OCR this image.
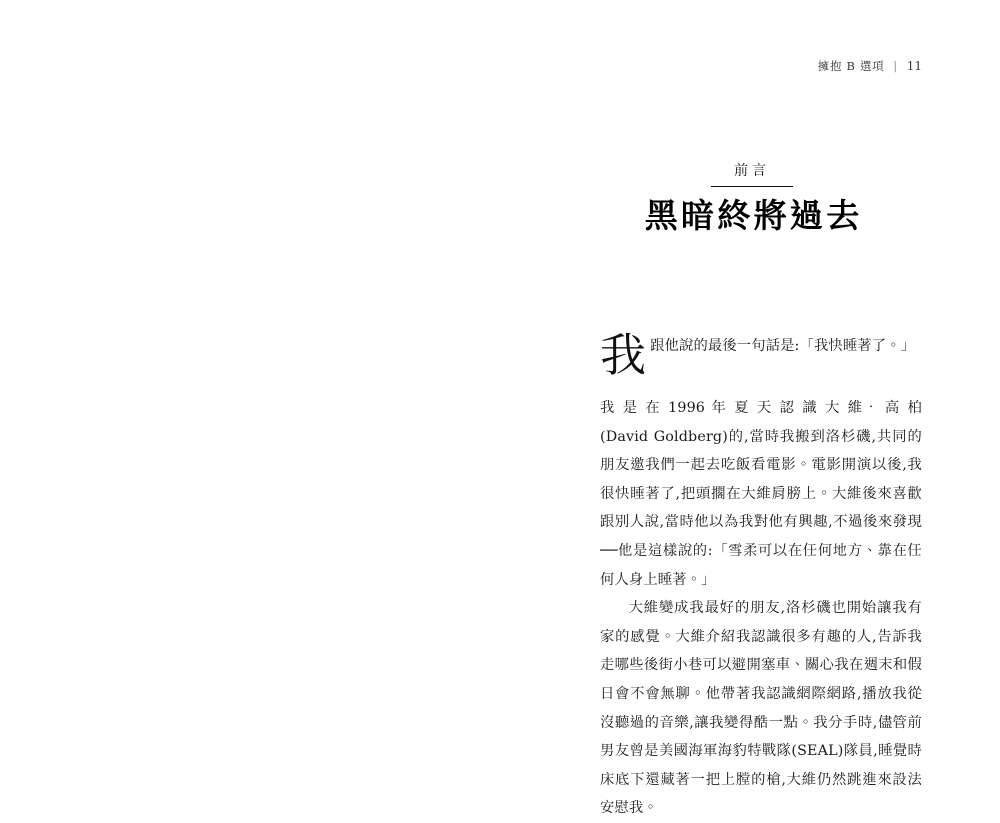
擁抱 B 選項 | 11
前言
黑暗終將過去

我跟他說的最後一句話是:「我快睡著了。」

我 是 在 1996 年 夏 天 認 識 大 維‧ 高 柏(David Goldberg)的,當時我搬到洛杉磯,共同的朋友邀我們一起去吃飯看電影。電影開演以後,我很快睡著了,把頭擱在大維肩膀上。大維後來喜歡跟別人說,當時他以為我對他有興趣,不過後來發現──他是這樣說的:「雪柔可以在任何地方、靠在任何人身上睡著。」

大維變成我最好的朋友,洛杉磯也開始讓我有家的感覺。大維介紹我認識很多有趣的人,告訴我走哪些後街小巷可以避開塞車、關心我在週末和假日會不會無聊。他帶著我認識網際網路,播放我從沒聽過的音樂,讓我變得酷一點。我分手時,儘管前男友曾是美國海軍海豹特戰隊(SEAL)隊員,睡覺時床底下還藏著一把上膛的槍,大維仍然跳進來設法安慰我。
